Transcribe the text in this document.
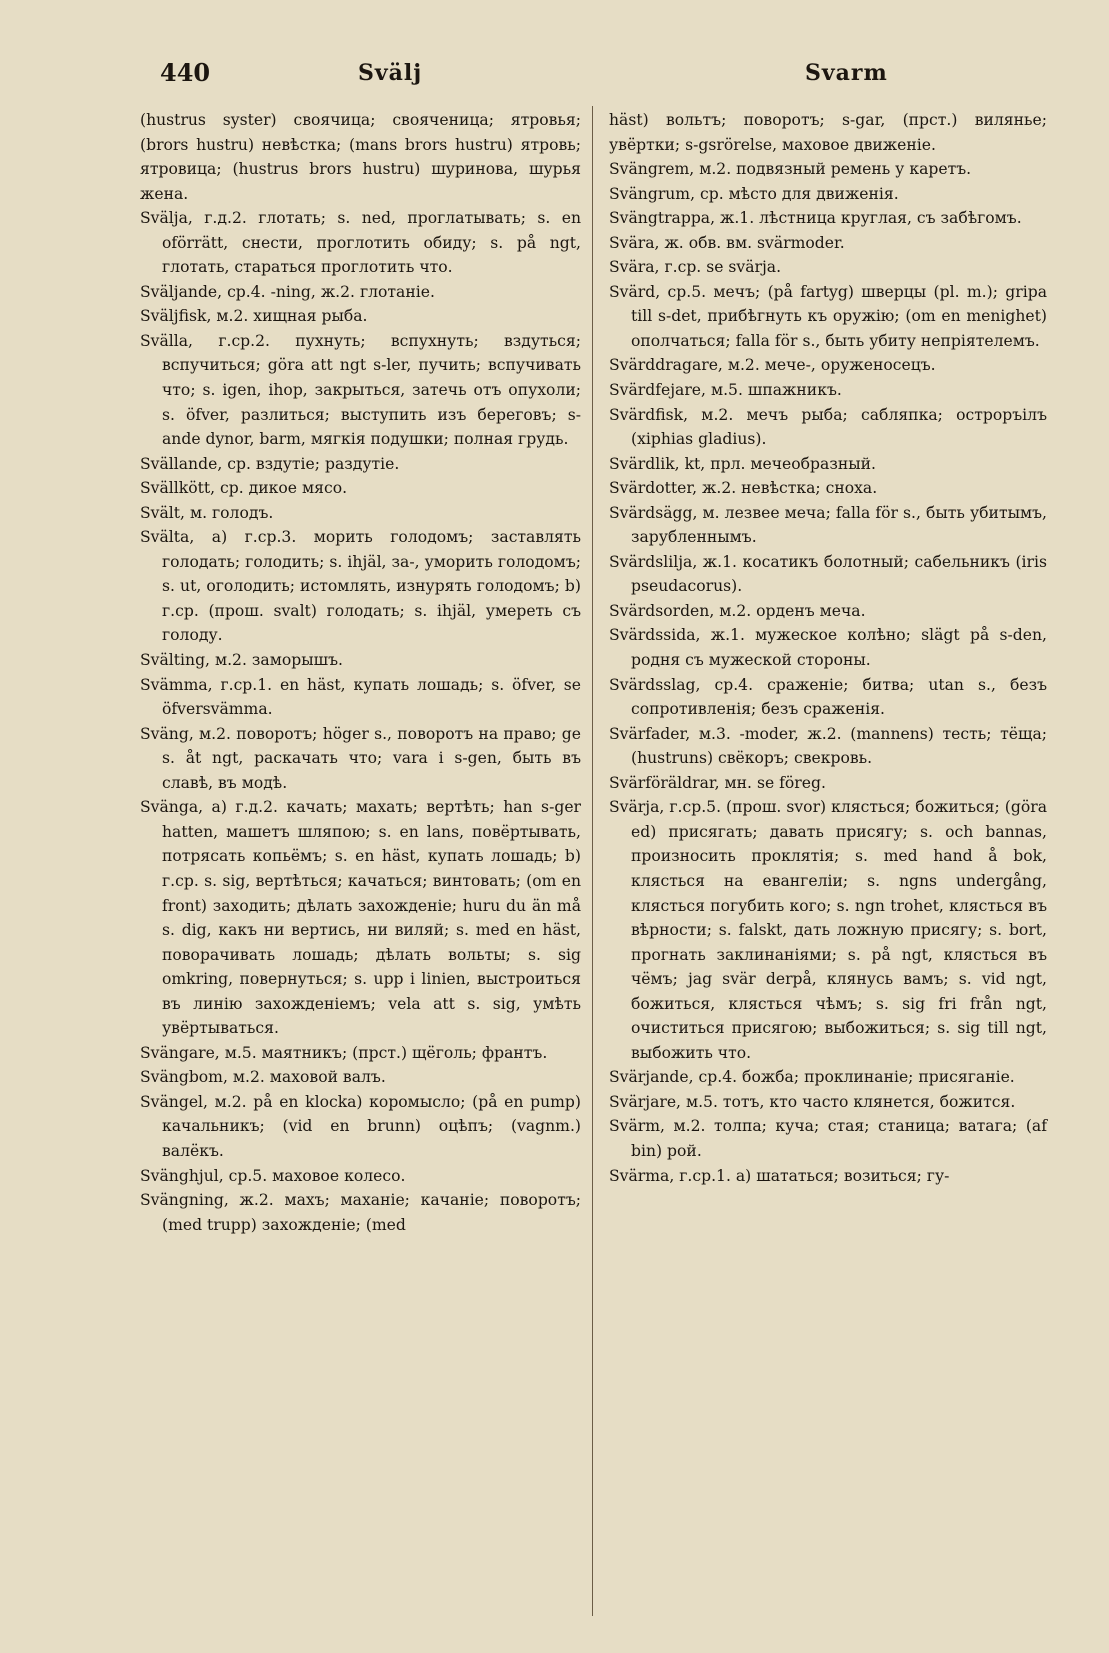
440	Svälj	Svarm

(hustrus syster) своячица; свояченица; ятровья; (brors hustru) невѣстка; (mans brors hustru) ятровь; ятровица; (hustrus brors hustru) шуринова, шурья жена.

Svälja, г.д.2. глотать; s. ned, проглатывать; s. en oförrätt, снести, проглотить обиду; s. på ngt, глотать, стараться проглотить что.

Sväljande, ср.4. -ning, ж.2. глотаніе.

Sväljfisk, м.2. хищная рыба.

Svälla, г.ср.2. пухнуть; вспухнуть; вздуться; вспучиться; göra att ngt s-ler, пучить; вспучивать что; s. igen, ihop, закрыться, затечь отъ опухоли; s. öfver, разлиться; выступить изъ береговъ; s-ande dynor, barm, мягкія подушки; полная грудь.

Svällande, ср. вздутіе; раздутіе.

Svällkött, ср. дикое мясо.

Svält, м. голодъ.

Svälta, a) г.ср.3. морить голодомъ; заставлять голодать; голодить; s. ihjäl, за-, уморить голодомъ; s. ut, оголодить; истомлять, изнурять голодомъ; b) г.ср. (прош. svalt) голодать; s. ihjäl, умереть съ голоду.

Svälting, м.2. заморышъ.

Svämma, г.ср.1. en häst, купать лошадь; s. öfver, se öfversvämma.

Sväng, м.2. поворотъ; höger s., поворотъ на право; ge s. åt ngt, раскачать что; vara i s-gen, быть въ славѣ, въ модѣ.

Svänga, a) г.д.2. качать; махать; вертѣть; han s-ger hatten, машетъ шляпою; s. en lans, повёртывать, потрясать копьёмъ; s. en häst, купать лошадь; b) г.ср. s. sig, вертѣться; качаться; винтовать; (om en front) заходить; дѣлать захожденіе; huru du än må s. dig, какъ ни вертись, ни виляй; s. med en häst, поворачивать лошадь; дѣлать вольты; s. sig omkring, повернуться; s. upp i linien, выстроиться въ линію захожденіемъ; vela att s. sig, умѣть увёртываться.

Svängare, м.5. маятникъ; (прст.) щёголь; франтъ.

Svängbom, м.2. маховой валъ.

Svängel, м.2. på en klocka) коромысло; (på en pump) качальникъ; (vid en brunn) оцѣпъ; (vagnm.) валёкъ.

Svänghjul, ср.5. маховое колесо.

Svängning, ж.2. махъ; маханіе; качаніе; поворотъ; (med trupp) захожденіе; (med

häst) вольтъ; поворотъ; s-gar, (прст.) виляньe; увёртки; s-gsrörelse, маховое движеніе.

Svängrem, м.2. подвязный ремень у каретъ.

Svängrum, ср. мѣсто для движенія.

Svängtrappa, ж.1. лѣстница круглая, съ забѣгомъ.

Svära, ж. обв. вм. svärmoder.

Svära, г.ср. se svärja.

Svärd, ср.5. мечъ; (på fartyg) шверцы (pl. m.); gripa till s-det, прибѣгнуть къ оружію; (om en menighet) ополчаться; falla för s., быть убиту непріятелемъ.

Svärddragare, м.2. мече-, оруженосецъ.

Svärdfejare, м.5. шпажникъ.

Svärdfisk, м.2. мечъ рыба; сабляпка; остроръілъ (xiphias gladius).

Svärdlik, kt, прл. мечеобразный.

Svärdotter, ж.2. невѣстка; сноха.

Svärdsägg, м. лезвее меча; falla för s., быть убитымъ, зарубленнымъ.

Svärdslilja, ж.1. косатикъ болотный; сабельникъ (iris pseudacorus).

Svärdsorden, м.2. орденъ меча.

Svärdssida, ж.1. мужеское колѣно; slägt på s-den, родня съ мужеской стороны.

Svärdsslag, ср.4. сраженіе; битва; utan s., безъ сопротивленія; безъ сраженія.

Svärfader, м.3. -moder, ж.2. (mannens) тесть; тёща; (hustruns) свёкоръ; свекровь.

Svärföräldrar, мн. se föreg.

Svärja, г.ср.5. (прош. svor) клясться; божиться; (göra ed) присягать; давать присягу; s. och bannas, произносить проклятія; s. med hand å bok, клясться на евангеліи; s. ngns undergång, клясться погубить кого; s. ngn trohet, клясться въ вѣрности; s. falskt, дать ложную присягу; s. bort, прогнать заклинаніями; s. på ngt, клясться въ чёмъ; jag svär derpå, клянусь вамъ; s. vid ngt, божиться, клясться чѣмъ; s. sig fri från ngt, очиститься присягою; выбожиться; s. sig till ngt, выбожить что.

Svärjande, ср.4. божба; проклинаніе; присяганіе.

Svärjare, м.5. тотъ, кто часто клянется, божится.

Svärm, м.2. толпа; куча; стая; станица; ватага; (af bin) рой.

Svärma, г.ср.1. a) шататься; возиться; гу-
